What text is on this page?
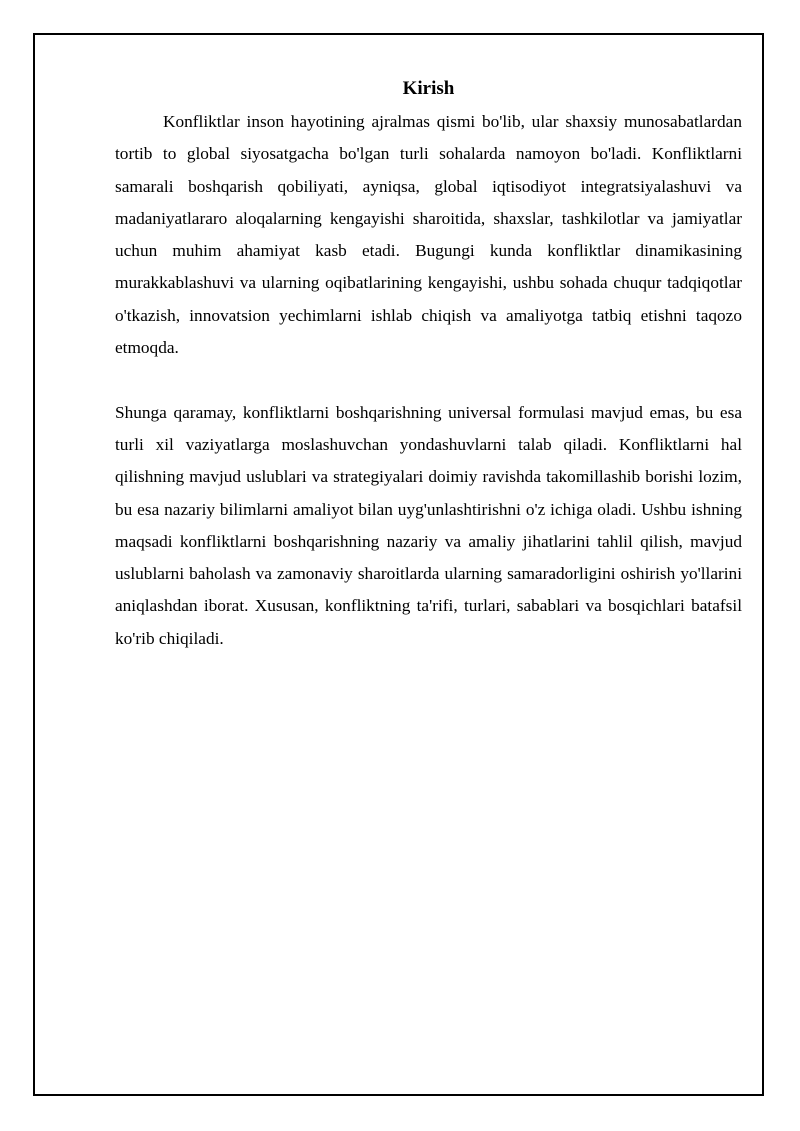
Kirish

Konfliktlar inson hayotining ajralmas qismi bo'lib, ular shaxsiy munosabatlardan tortib to global siyosatgacha bo'lgan turli sohalarda namoyon bo'ladi. Konfliktlarni samarali boshqarish qobiliyati, ayniqsa, global iqtisodiyot integratsiyalashuvi va madaniyatlararo aloqalarning kengayishi sharoitida, shaxslar, tashkilotlar va jamiyatlar uchun muhim ahamiyat kasb etadi. Bugungi kunda konfliktlar dinamikasining murakkablashuvi va ularning oqibatlarining kengayishi, ushbu sohada chuqur tadqiqotlar o'tkazish, innovatsion yechimlarni ishlab chiqish va amaliyotga tatbiq etishni taqozo etmoqda.

Shunga qaramay, konfliktlarni boshqarishning universal formulasi mavjud emas, bu esa turli xil vaziyatlarga moslashuvchan yondashuvlarni talab qiladi. Konfliktlarni hal qilishning mavjud uslublari va strategiyalari doimiy ravishda takomillashib borishi lozim, bu esa nazariy bilimlarni amaliyot bilan uyg'unlashtirishni o'z ichiga oladi. Ushbu ishning maqsadi konfliktlarni boshqarishning nazariy va amaliy jihatlarini tahlil qilish, mavjud uslublarni baholash va zamonaviy sharoitlarda ularning samaradorligini oshirish yo'llarini aniqlashdan iborat. Xususan, konfliktning ta'rifi, turlari, sabablari va bosqichlari batafsil ko'rib chiqiladi.
